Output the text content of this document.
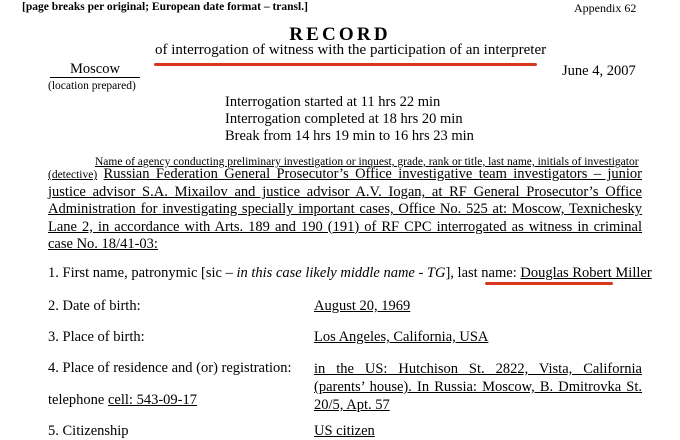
[page breaks per original; European date format – transl.]	Appendix 62
RECORD
of interrogation of witness with the participation of an interpreter
Moscow
(location prepared)
June 4, 2007
Interrogation started at 11 hrs 22 min
Interrogation completed at 18 hrs 20 min
Break from 14 hrs 19 min to 16 hrs 23 min
Name of agency conducting preliminary investigation or inquest, grade, rank or title, last name, initials of investigator
(detective) Russian Federation General Prosecutor’s Office investigative team investigators – junior justice advisor S.A. Mixailov and justice advisor A.V. Iogan, at RF General Prosecutor’s Office Administration for investigating specially important cases, Office No. 525 at: Moscow, Texnichesky Lane 2, in accordance with Arts. 189 and 190 (191) of RF CPC interrogated as witness in criminal case No. 18/41-03:
1. First name, patronymic [sic – in this case likely middle name - TG], last name: Douglas Robert Miller
2. Date of birth:	August 20, 1969
3. Place of birth:	Los Angeles, California, USA
4. Place of residence and (or) registration: in the US: Hutchison St. 2822, Vista, California (parents’ house). In Russia: Moscow, B. Dmitrovka St. 20/5, Apt. 57
telephone cell: 543-09-17
5. Citizenship	US citizen
